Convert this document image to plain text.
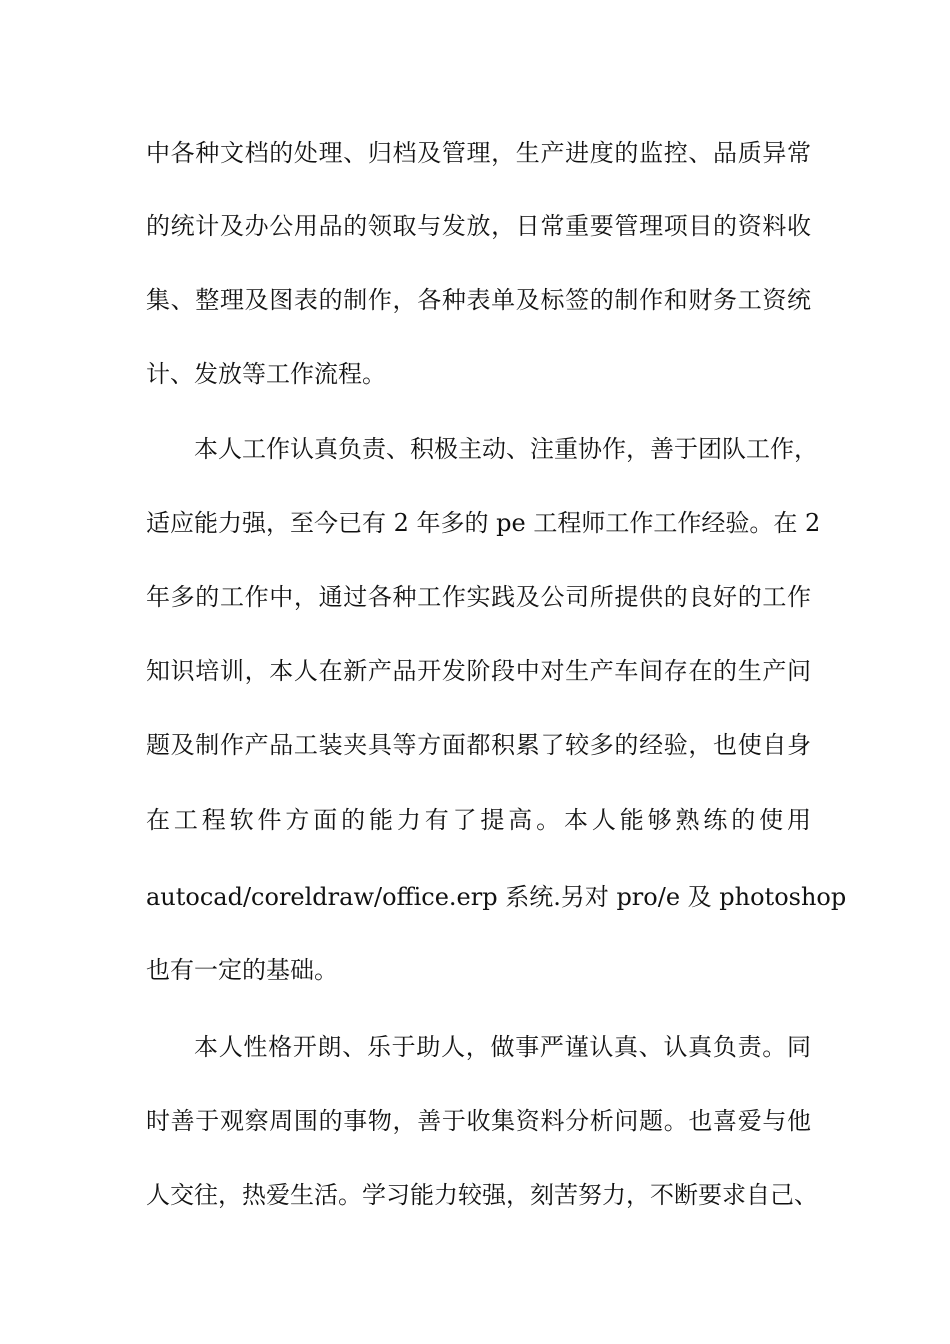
中各种文档的处理、归档及管理，生产进度的监控、品质异常
的统计及办公用品的领取与发放，日常重要管理项目的资料收
集、整理及图表的制作，各种表单及标签的制作和财务工资统
计、发放等工作流程。
本人工作认真负责、积极主动、注重协作，善于团队工作，
适应能力强，至今已有 2 年多的 pe 工程师工作工作经验。在 2
年多的工作中，通过各种工作实践及公司所提供的良好的工作
知识培训，本人在新产品开发阶段中对生产车间存在的生产问
题及制作产品工装夹具等方面都积累了较多的经验，也使自身
在工程软件方面的能力有了提高。本人能够熟练的使用
autocad/coreldraw/office.erp 系统.另对 pro/e 及 photoshop
也有一定的基础。
本人性格开朗、乐于助人，做事严谨认真、认真负责。同
时善于观察周围的事物，善于收集资料分析问题。也喜爱与他
人交往，热爱生活。学习能力较强，刻苦努力，不断要求自己、
